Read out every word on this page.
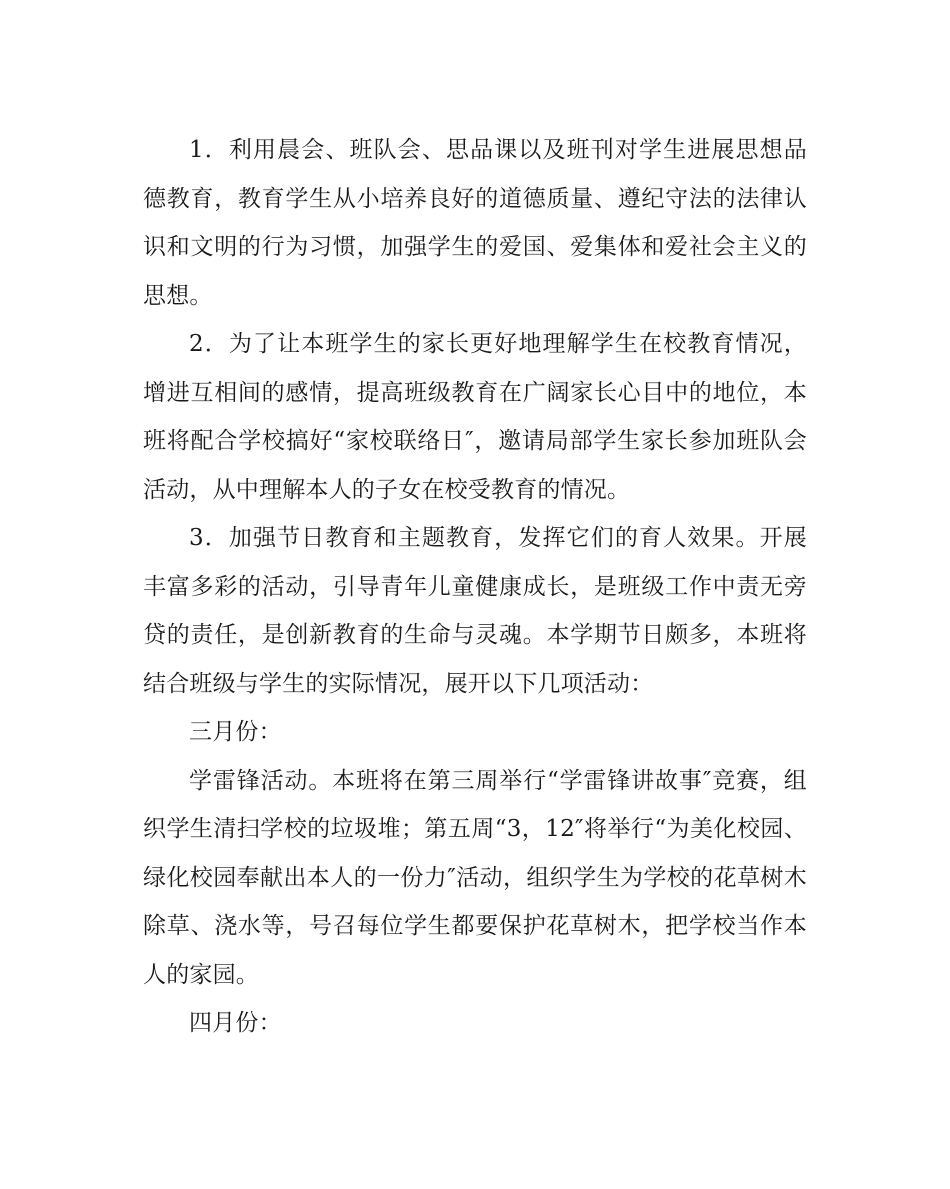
1．利用晨会、班队会、思品课以及班刊对学生进展思想品德教育，教育学生从小培养良好的道德质量、遵纪守法的法律认识和文明的行为习惯，加强学生的爱国、爱集体和爱社会主义的思想。

2．为了让本班学生的家长更好地理解学生在校教育情况，增进互相间的感情，提高班级教育在广阔家长心目中的地位，本班将配合学校搞好“家校联络日″，邀请局部学生家长参加班队会活动，从中理解本人的子女在校受教育的情况。

3．加强节日教育和主题教育，发挥它们的育人效果。开展丰富多彩的活动，引导青年儿童健康成长，是班级工作中责无旁贷的责任，是创新教育的生命与灵魂。本学期节日颇多，本班将结合班级与学生的实际情况，展开以下几项活动：

三月份：

学雷锋活动。本班将在第三周举行“学雷锋讲故事″竞赛，组织学生清扫学校的垃圾堆；第五周“3，12″将举行“为美化校园、绿化校园奉献出本人的一份力″活动，组织学生为学校的花草树木除草、浇水等，号召每位学生都要保护花草树木，把学校当作本人的家园。

四月份：
